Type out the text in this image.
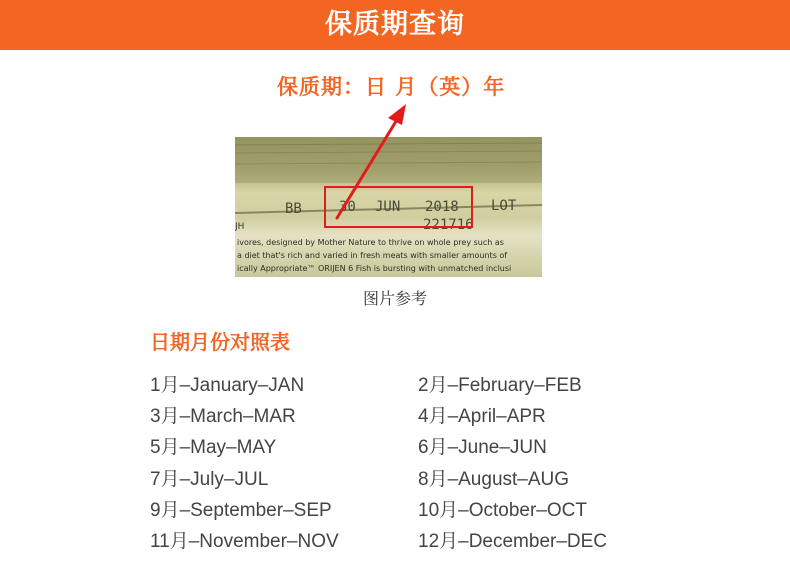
保质期查询
保质期：日 月（英）年
BB	30 JUN 2018 LOT
221716
JH
ivores, designed by Mother Nature to thrive on whole prey such as
a diet that's rich and varied in fresh meats with smaller amounts of
ically Appropriate™ ORIJEN 6 Fish is bursting with unmatched inclusi
图片参考
日期月份对照表
1月–January–JAN	2月–February–FEB
3月–March–MAR	4月–April–APR
5月–May–MAY	6月–June–JUN
7月–July–JUL	8月–August–AUG
9月–September–SEP	10月–October–OCT
11月–November–NOV	12月–December–DEC
